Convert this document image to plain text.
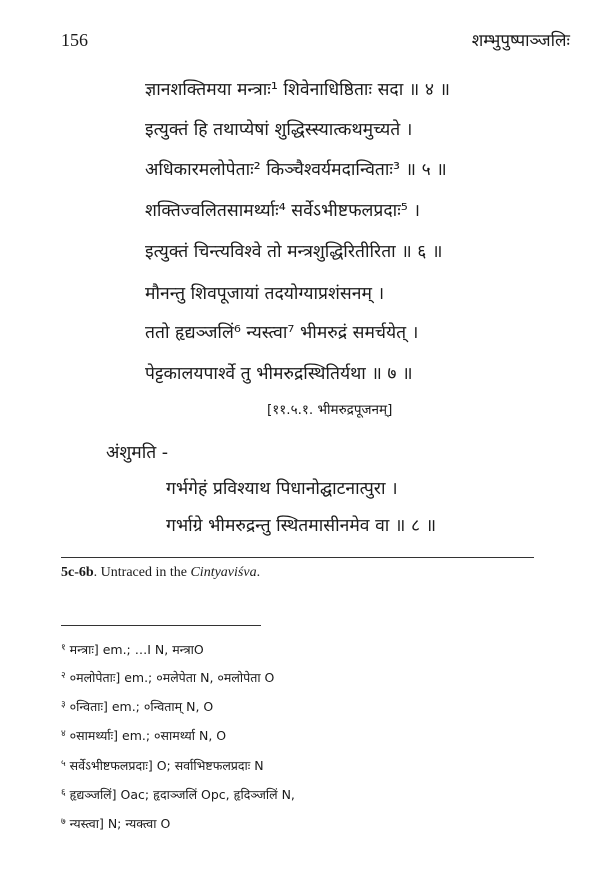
156	शम्भुपुष्पाञ्जलिः
ज्ञानशक्तिमया मन्त्राः¹ शिवेनाधिष्ठिताः सदा ॥ ४ ॥
इत्युक्तं हि तथाप्येषां शुद्धिस्स्यात्कथमुच्यते ।
अधिकारमलोपेताः² किञ्चैश्वर्यमदान्विताः³ ॥ ५ ॥
शक्तिज्वलितसामर्थ्याः⁴ सर्वेऽभीष्टफलप्रदाः⁵ ।
इत्युक्तं चिन्त्यविश्वे तो मन्त्रशुद्धिरितीरिता ॥ ६ ॥
मौनन्तु शिवपूजायां तदयोग्याप्रशंसनम् ।
ततो हृद्यञ्जलिं⁶ न्यस्त्वा⁷ भीमरुद्रं समर्चयेत् ।
पेट्टकालयपार्श्वे तु भीमरुद्रस्थितिर्यथा ॥ ७ ॥
[११.५.१. भीमरुद्रपूजनम्]
अंशुमति -
गर्भगेहं प्रविश्याथ पिधानोद्घाटनात्पुरा ।
गर्भाग्रे भीमरुद्रन्तु स्थितमासीनमेव वा ॥ ८ ॥
5c-6b. Untraced in the Cintyaviśva.
$^१$ मन्त्राः] em.; …I N, मन्त्राO
$^२$ ०मलोपेताः] em.; ०मलेपेता N, ०मलोपेता O
$^३$ ०न्विताः] em.; ०न्विताम् N, O
$^४$ ०सामर्थ्याः] em.; ०सामर्थ्या N, O
$^५$ सर्वेऽभीष्टफलप्रदाः] O; सर्वाभिष्टफलप्रदाः N
$^६$ हृद्यञ्जलिं] Oac; हृदाञ्जलिं Opc, हृदिञ्जलिं N,
$^७$ न्यस्त्वा] N; न्यक्त्वा O
